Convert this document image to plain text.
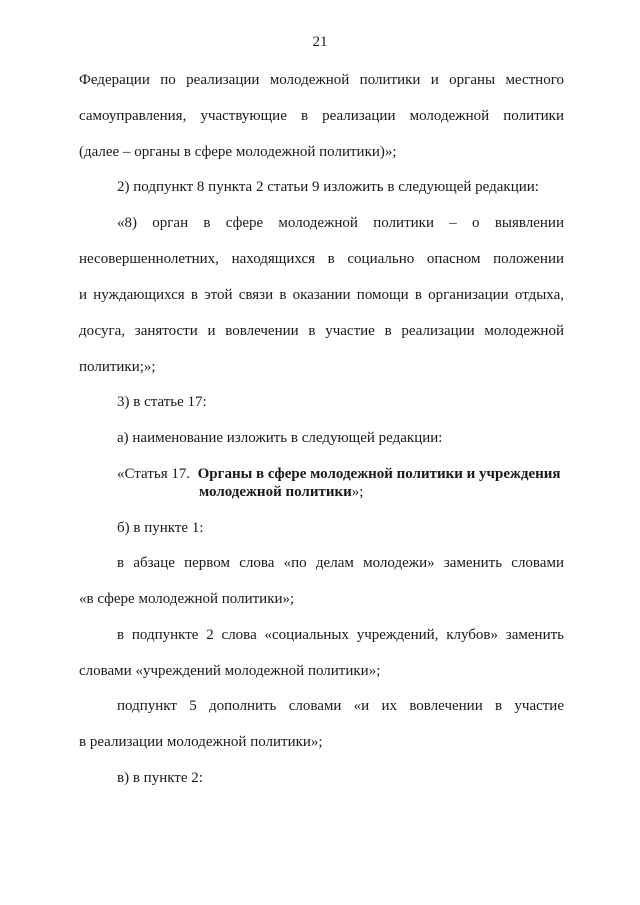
21
Федерации по реализации молодежной политики и органы местного
самоуправления, участвующие в реализации молодежной политики
(далее – органы в сфере молодежной политики)»;
2) подпункт 8 пункта 2 статьи 9 изложить в следующей редакции:
«8) орган в сфере молодежной политики – о выявлении
несовершеннолетних, находящихся в социально опасном положении
и нуждающихся в этой связи в оказании помощи в организации отдыха,
досуга, занятости и вовлечении в участие в реализации молодежной
политики;»;
3) в статье 17:
а) наименование изложить в следующей редакции:
«Статья 17. Органы в сфере молодежной политики и учреждения
молодежной политики»;
б) в пункте 1:
в абзаце первом слова «по делам молодежи» заменить словами
«в сфере молодежной политики»;
в подпункте 2 слова «социальных учреждений, клубов» заменить
словами «учреждений молодежной политики»;
подпункт 5 дополнить словами «и их вовлечении в участие
в реализации молодежной политики»;
в) в пункте 2:
